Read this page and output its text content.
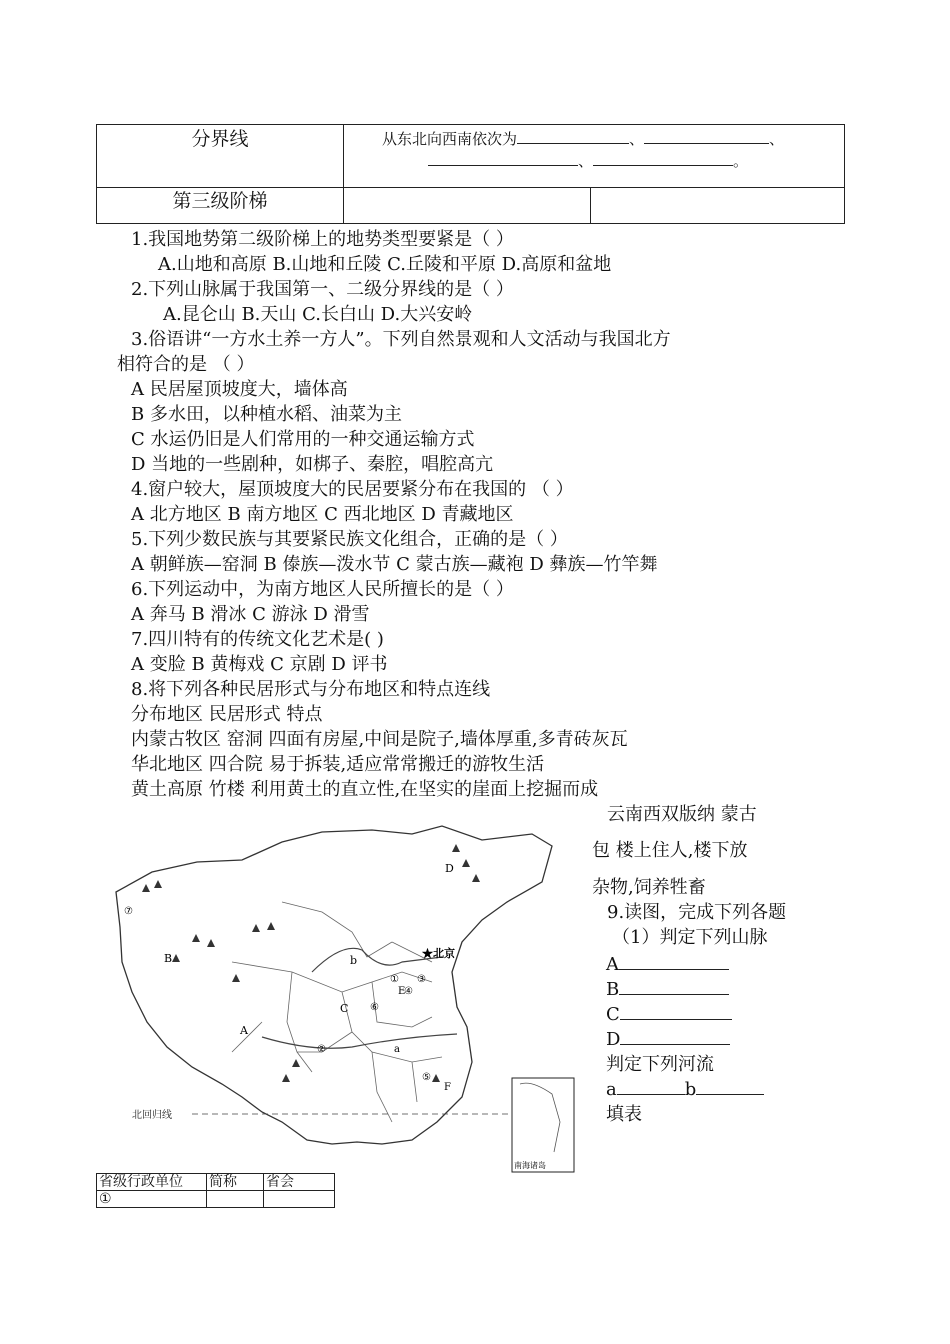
分界线	从东北向西南依次为 、 、
、 。	

第三级阶梯		

1.我国地势第二级阶梯上的地势类型要紧是（ ）
A.山地和高原 B.山地和丘陵 C.丘陵和平原 D.高原和盆地
2.下列山脉属于我国第一、二级分界线的是（ ）
A.昆仑山 B.天山 C.长白山 D.大兴安岭
3.俗语讲“一方水土养一方人”。下列自然景观和人文活动与我国北方
相符合的是 （ ）
A 民居屋顶坡度大，墙体高
B 多水田，以种植水稻、油菜为主
C 水运仍旧是人们常用的一种交通运输方式
D 当地的一些剧种，如梆子、秦腔，唱腔高亢
4.窗户较大，屋顶坡度大的民居要紧分布在我国的 （ ）
A 北方地区 B 南方地区 C 西北地区 D 青藏地区
5.下列少数民族与其要紧民族文化组合，正确的是（ ）
A 朝鲜族—窑洞 B 傣族—泼水节 C 蒙古族—藏袍 D 彝族—竹竿舞
6.下列运动中，为南方地区人民所擅长的是（ ）
A 奔马 B 滑冰 C 游泳 D 滑雪
7.四川特有的传统文化艺术是( )
A 变脸 B 黄梅戏 C 京剧 D 评书
8.将下列各种民居形式与分布地区和特点连线
分布地区 民居形式 特点
内蒙古牧区 窑洞 四面有房屋,中间是院子,墙体厚重,多青砖灰瓦
华北地区 四合院 易于拆装,适应常常搬迁的游牧生活
黄土高原 竹楼 利用黄土的直立性,在坚实的崖面上挖掘而成
云南西双版纳 蒙古
包 楼上住人,楼下放
杂物,饲养牲畜
9.读图，完成下列各题
（1）判定下列山脉
A
B
C
D
判定下列河流
a	b
填表
北回归线
⑦
B	b
①
②
③
④
⑤
⑥
A
C
D
E
F
a
★北京
南海诸岛
省级行政单位	简称	省会
①		
